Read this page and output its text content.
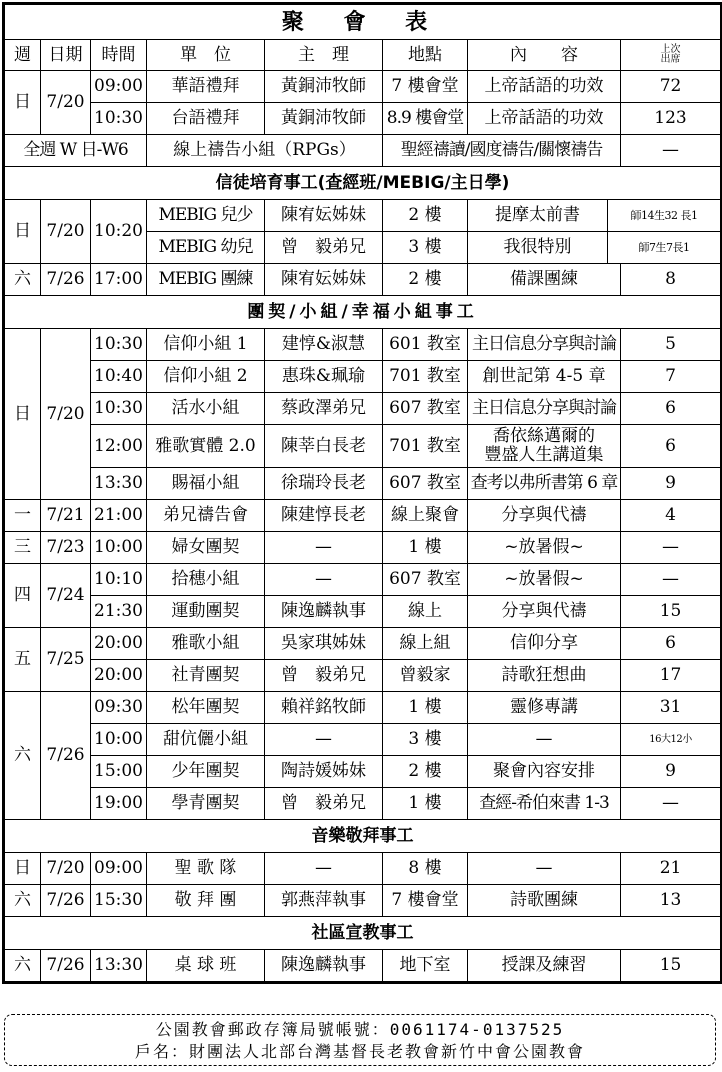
聚 會 表								
週	日期	時間	單　位	主　理	地點	內　　容		上次
出席

日	7/20	09:00	華語禮拜	黃銅沛牧師	7 樓會堂	上帝話語的功效		72
		10:30	台語禮拜	黃銅沛牧師	8.9 樓會堂	上帝話語的功效		123
全週 W 日-W6			線上禱告小組（RPGs）		聖經禱讀/國度禱告/關懷禱告			—
信徒培育事工(查經班/MEBIG/主日學)								
日	7/20	10:20	MEBIG 兒少	陳宥妘姊妹	2 樓	提摩太前書	師14生32 長1	
			MEBIG 幼兒	曾　毅弟兄	3 樓	我很特別	師7生7長1	
六	7/26	17:00	MEBIG 團練	陳宥妘姊妹	2 樓	備課團練		8
團契/小組/幸福小組事工								
日	7/20	10:30	信仰小組 1	建惇&淑慧	601 教室	主日信息分享與討論		5
		10:40	信仰小組 2	惠珠&珮瑜	701 教室	創世記第 4-5 章		7
		10:30	活水小組	蔡政澤弟兄	607 教室	主日信息分享與討論		6
		12:00	雅歌實體 2.0	陳莘白長老	701 教室	喬依絲邁爾的
豐盛人生講道集		6
		13:30	賜福小組	徐瑞玲長老	607 教室	查考以弗所書第 6 章		9
一	7/21	21:00	弟兄禱告會	陳建惇長老	線上聚會	分享與代禱		4
三	7/23	10:00	婦女團契	—	1 樓	~放暑假~		—
四	7/24	10:10	拾穗小組	—	607 教室	~放暑假~		—
		21:30	運動團契	陳逸麟執事	線上	分享與代禱		15
五	7/25	20:00	雅歌小組	吳家琪姊妹	線上組	信仰分享		6
		20:00	社青團契	曾　毅弟兄	曾毅家	詩歌狂想曲		17
六	7/26	09:30	松年團契	賴祥銘牧師	1 樓	靈修專講		31
		10:00	甜伉儷小組	—	3 樓	—		16大12小
		15:00	少年團契	陶詩媛姊妹	2 樓	聚會內容安排		9
		19:00	學青團契	曾　毅弟兄	1 樓	查經-希伯來書 1-3		—
音樂敬拜事工								
日	7/20	09:00	聖 歌 隊	—	8 樓	—		21
六	7/26	15:30	敬 拜 團	郭燕萍執事	7 樓會堂	詩歌團練		13
社區宣教事工								
六	7/26	13:30	桌 球 班	陳逸麟執事	地下室	授課及練習		15
公園教會郵政存簿局號帳號：0061174-0137525
戶名：財團法人北部台灣基督長老教會新竹中會公園教會
